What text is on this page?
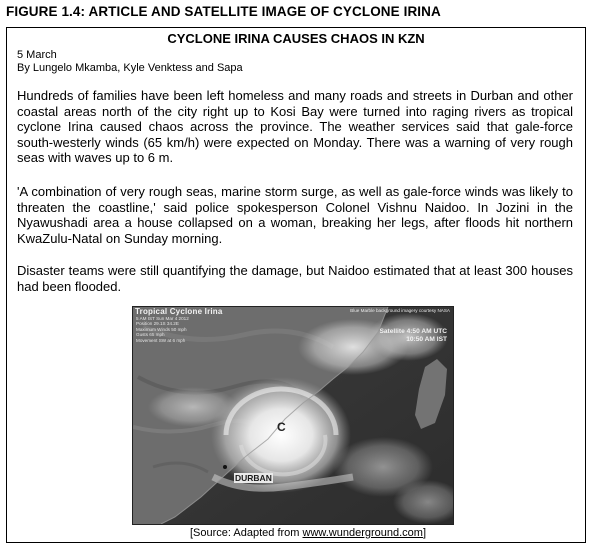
FIGURE 1.4: ARTICLE AND SATELLITE IMAGE OF CYCLONE IRINA
CYCLONE IRINA CAUSES CHAOS IN KZN
5 March
By Lungelo Mkamba, Kyle Venktess and Sapa

Hundreds of families have been left homeless and many roads and streets in Durban and other coastal areas north of the city right up to Kosi Bay were turned into raging rivers as tropical cyclone Irina caused chaos across the province. The weather services said that gale-force south-westerly winds (65 km/h) were expected on Monday. There was a warning of very rough seas with waves up to 6 m.

'A combination of very rough seas, marine storm surge, as well as gale-force winds was likely to threaten the coastline,' said police spokesperson Colonel Vishnu Naidoo. In Jozini in the Nyawushadi area a house collapsed on a woman, breaking her legs, after floods hit northern KwaZulu-Natal on Sunday morning.

Disaster teams were still quantifying the damage, but Naidoo estimated that at least 300 houses had been flooded.

Tropical Cyclone Irina
5 AM IST Sun Mar 4 2012
Position 29.1S 34.2E
Maximum Winds 50 mph
Gusts 65 mph
Movement SW at 6 mph
Blue Marble background imagery courtesy NASA
Satellite 4:50 AM UTC
10:50 AM IST
C
DURBAN
[Source: Adapted from www.wunderground.com]
